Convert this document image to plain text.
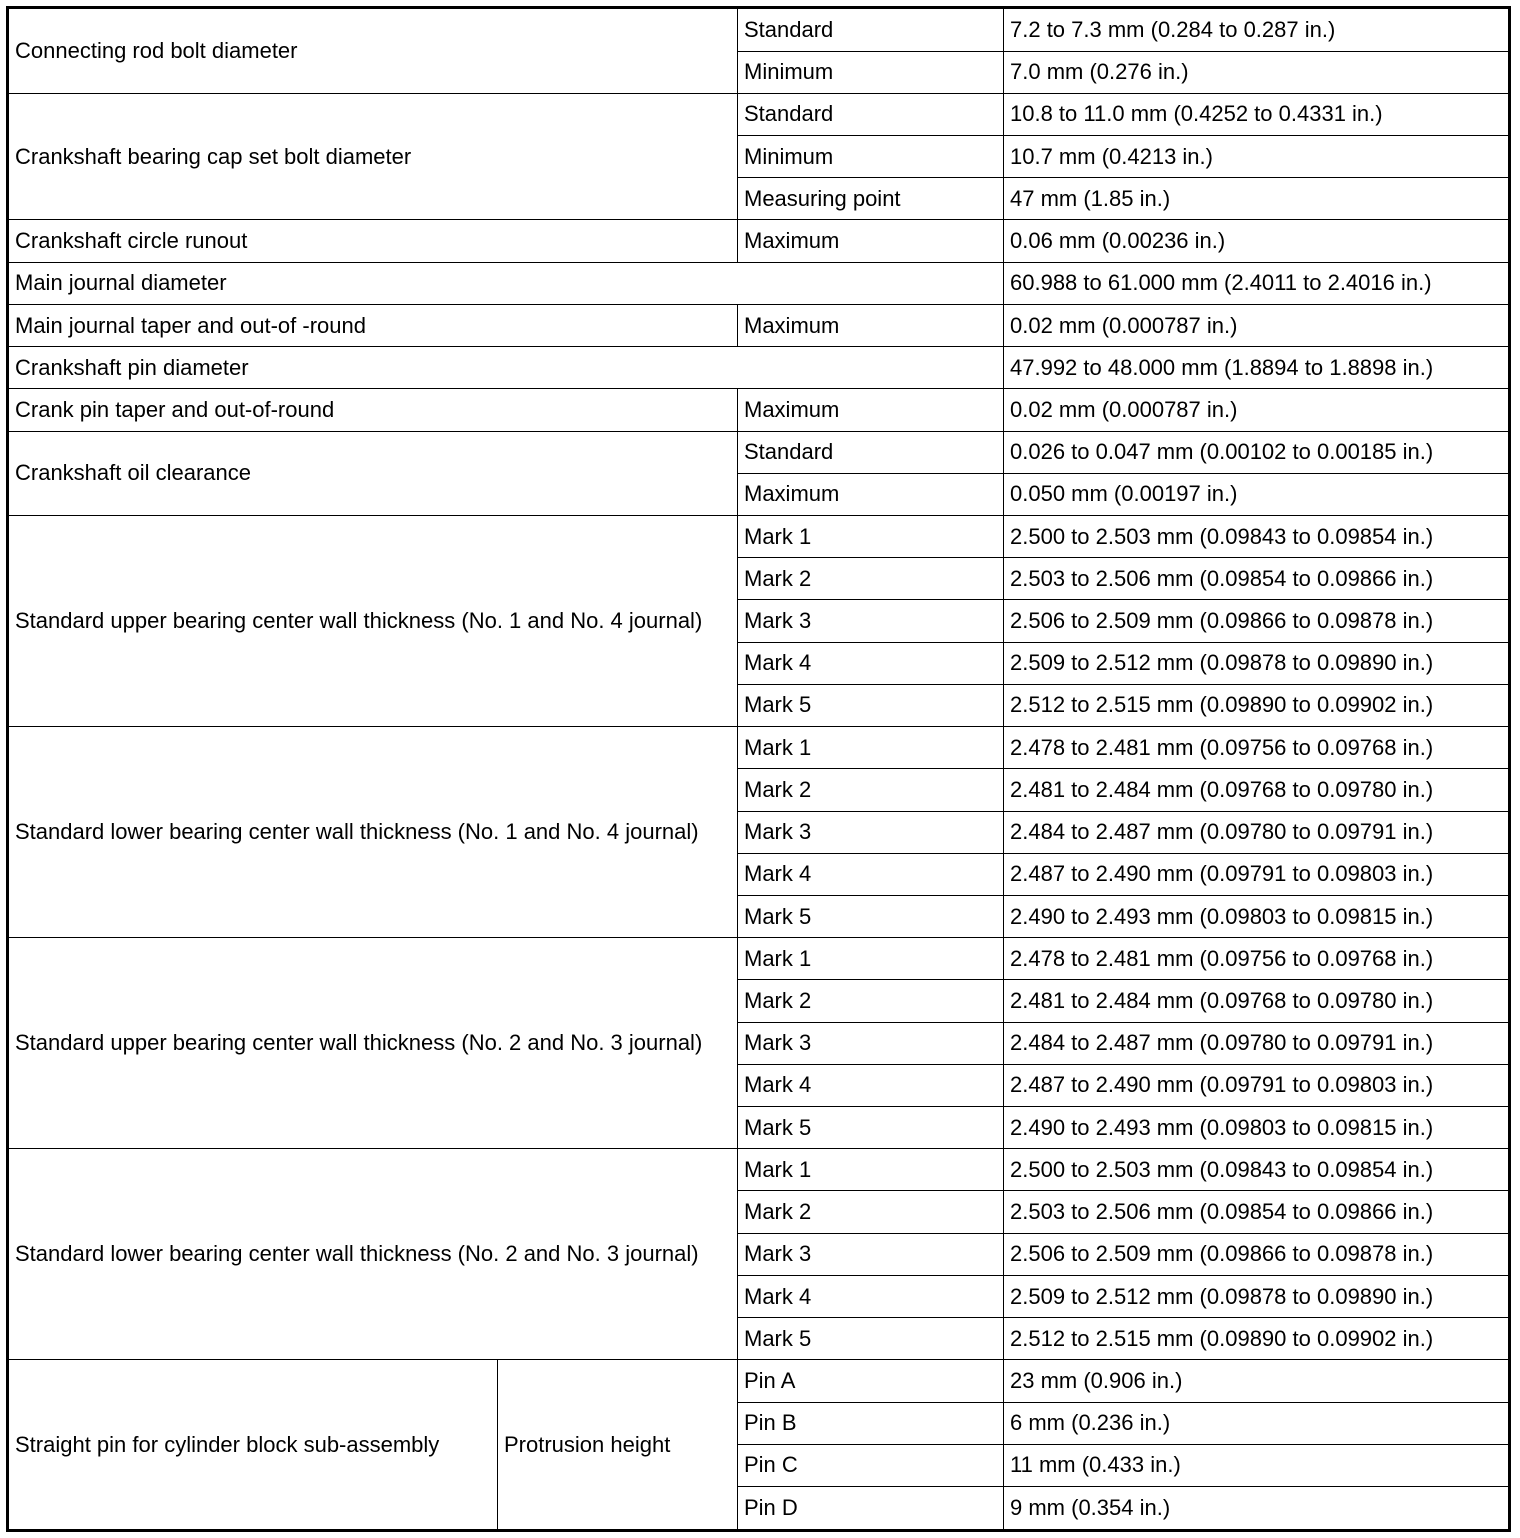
Connecting rod bolt diameter		Standard	7.2 to 7.3 mm (0.284 to 0.287 in.)
		Minimum	7.0 mm (0.276 in.)
Crankshaft bearing cap set bolt diameter		Standard	10.8 to 11.0 mm (0.4252 to 0.4331 in.)
		Minimum	10.7 mm (0.4213 in.)
		Measuring point	47 mm (1.85 in.)
Crankshaft circle runout		Maximum	0.06 mm (0.00236 in.)
Main journal diameter			60.988 to 61.000 mm (2.4011 to 2.4016 in.)
Main journal taper and out-of -round		Maximum	0.02 mm (0.000787 in.)
Crankshaft pin diameter			47.992 to 48.000 mm (1.8894 to 1.8898 in.)
Crank pin taper and out-of-round		Maximum	0.02 mm (0.000787 in.)
Crankshaft oil clearance		Standard	0.026 to 0.047 mm (0.00102 to 0.00185 in.)
		Maximum	0.050 mm (0.00197 in.)
Standard upper bearing center wall thickness (No. 1 and No. 4 journal)		Mark 1	2.500 to 2.503 mm (0.09843 to 0.09854 in.)
		Mark 2	2.503 to 2.506 mm (0.09854 to 0.09866 in.)
		Mark 3	2.506 to 2.509 mm (0.09866 to 0.09878 in.)
		Mark 4	2.509 to 2.512 mm (0.09878 to 0.09890 in.)
		Mark 5	2.512 to 2.515 mm (0.09890 to 0.09902 in.)
Standard lower bearing center wall thickness (No. 1 and No. 4 journal)		Mark 1	2.478 to 2.481 mm (0.09756 to 0.09768 in.)
		Mark 2	2.481 to 2.484 mm (0.09768 to 0.09780 in.)
		Mark 3	2.484 to 2.487 mm (0.09780 to 0.09791 in.)
		Mark 4	2.487 to 2.490 mm (0.09791 to 0.09803 in.)
		Mark 5	2.490 to 2.493 mm (0.09803 to 0.09815 in.)
Standard upper bearing center wall thickness (No. 2 and No. 3 journal)		Mark 1	2.478 to 2.481 mm (0.09756 to 0.09768 in.)
		Mark 2	2.481 to 2.484 mm (0.09768 to 0.09780 in.)
		Mark 3	2.484 to 2.487 mm (0.09780 to 0.09791 in.)
		Mark 4	2.487 to 2.490 mm (0.09791 to 0.09803 in.)
		Mark 5	2.490 to 2.493 mm (0.09803 to 0.09815 in.)
Standard lower bearing center wall thickness (No. 2 and No. 3 journal)		Mark 1	2.500 to 2.503 mm (0.09843 to 0.09854 in.)
		Mark 2	2.503 to 2.506 mm (0.09854 to 0.09866 in.)
		Mark 3	2.506 to 2.509 mm (0.09866 to 0.09878 in.)
		Mark 4	2.509 to 2.512 mm (0.09878 to 0.09890 in.)
		Mark 5	2.512 to 2.515 mm (0.09890 to 0.09902 in.)
Straight pin for cylinder block sub-assembly	Protrusion height	Pin A	23 mm (0.906 in.)
		Pin B	6 mm (0.236 in.)
		Pin C	11 mm (0.433 in.)
		Pin D	9 mm (0.354 in.)
